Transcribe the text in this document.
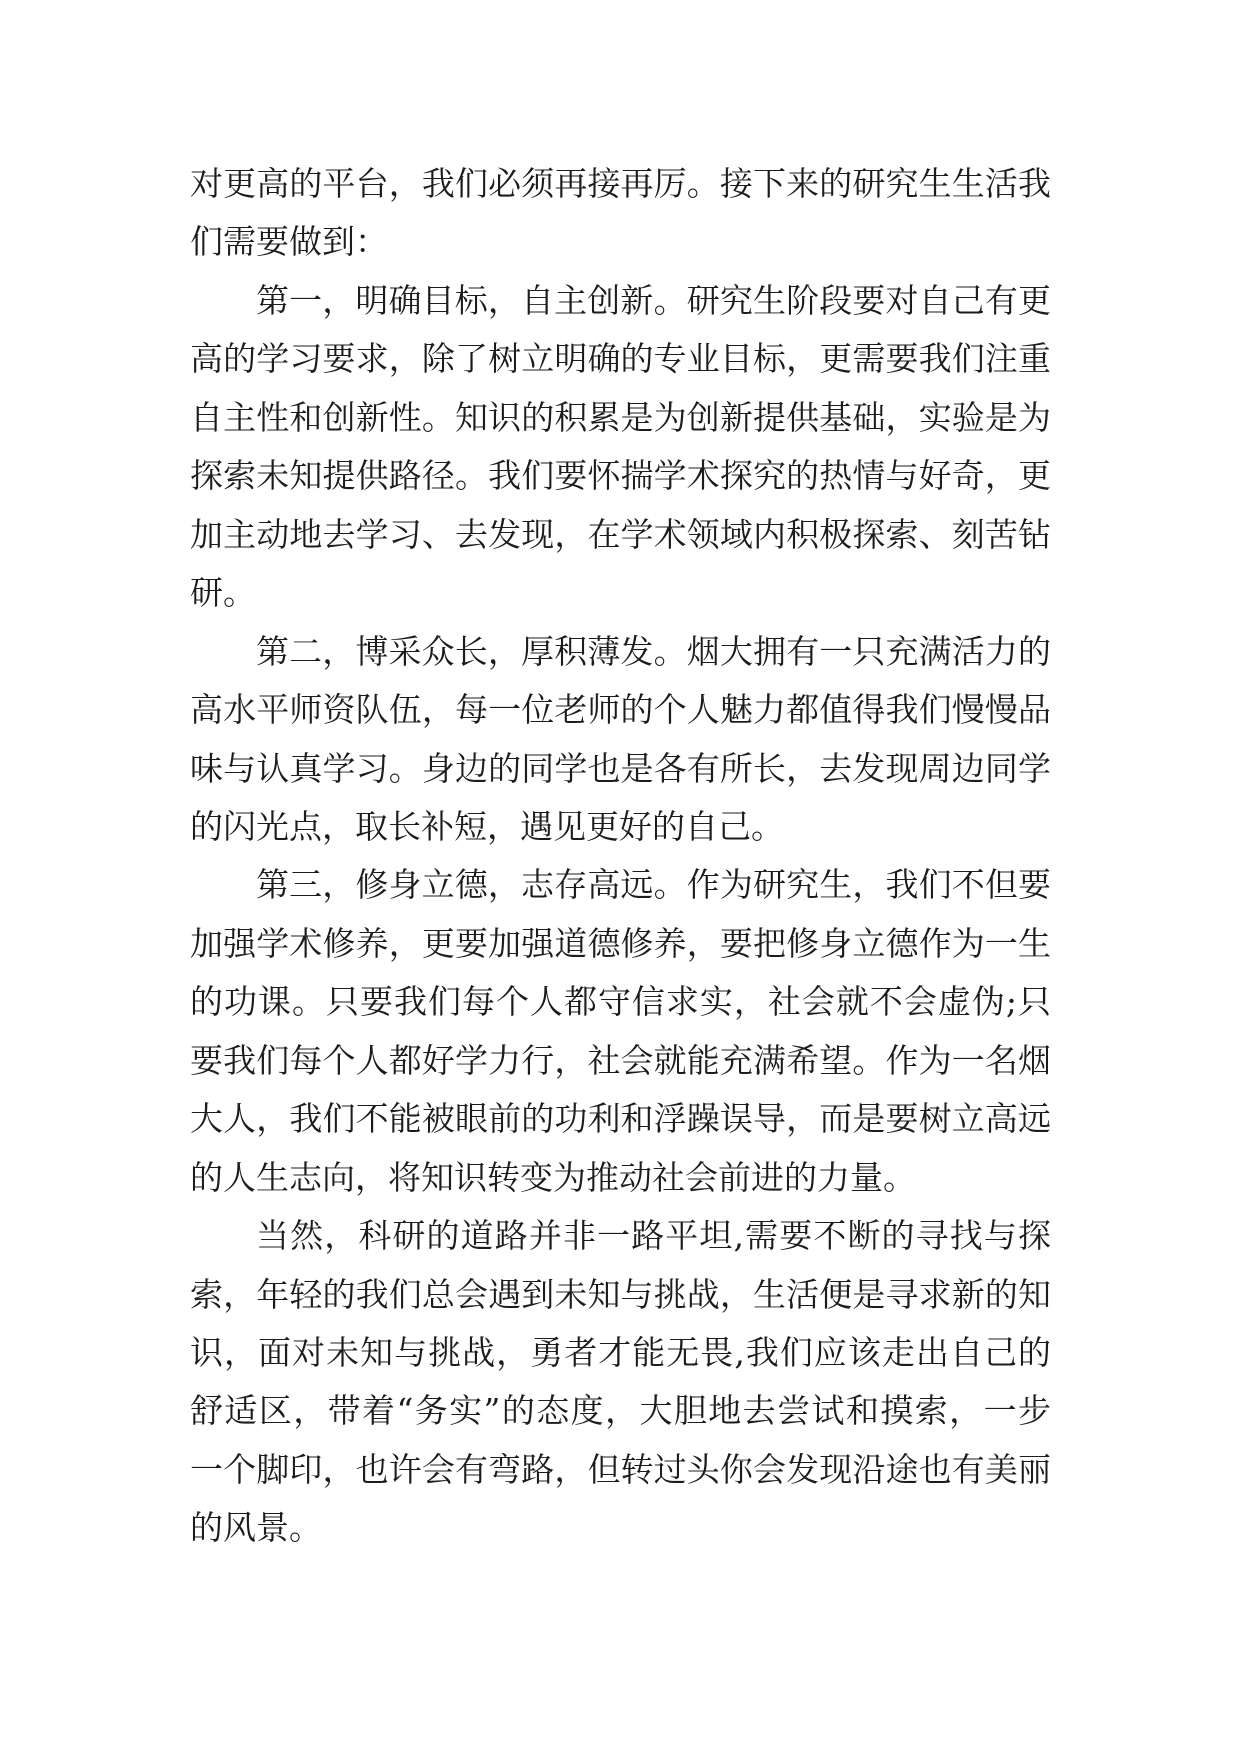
对更高的平台，我们必须再接再厉。接下来的研究生生活我
们需要做到：
第一，明确目标，自主创新。研究生阶段要对自己有更
高的学习要求，除了树立明确的专业目标，更需要我们注重
自主性和创新性。知识的积累是为创新提供基础，实验是为
探索未知提供路径。我们要怀揣学术探究的热情与好奇，更
加主动地去学习、去发现，在学术领域内积极探索、刻苦钻
研。
第二，博采众长，厚积薄发。烟大拥有一只充满活力的
高水平师资队伍，每一位老师的个人魅力都值得我们慢慢品
味与认真学习。身边的同学也是各有所长，去发现周边同学
的闪光点，取长补短，遇见更好的自己。
第三，修身立德，志存高远。作为研究生，我们不但要
加强学术修养，更要加强道德修养，要把修身立德作为一生
的功课。只要我们每个人都守信求实，社会就不会虚伪;只
要我们每个人都好学力行，社会就能充满希望。作为一名烟
大人，我们不能被眼前的功利和浮躁误导，而是要树立高远
的人生志向，将知识转变为推动社会前进的力量。
当然，科研的道路并非一路平坦,需要不断的寻找与探
索，年轻的我们总会遇到未知与挑战，生活便是寻求新的知
识，面对未知与挑战，勇者才能无畏,我们应该走出自己的
舒适区，带着“务实”的态度，大胆地去尝试和摸索，一步
一个脚印，也许会有弯路，但转过头你会发现沿途也有美丽
的风景。
